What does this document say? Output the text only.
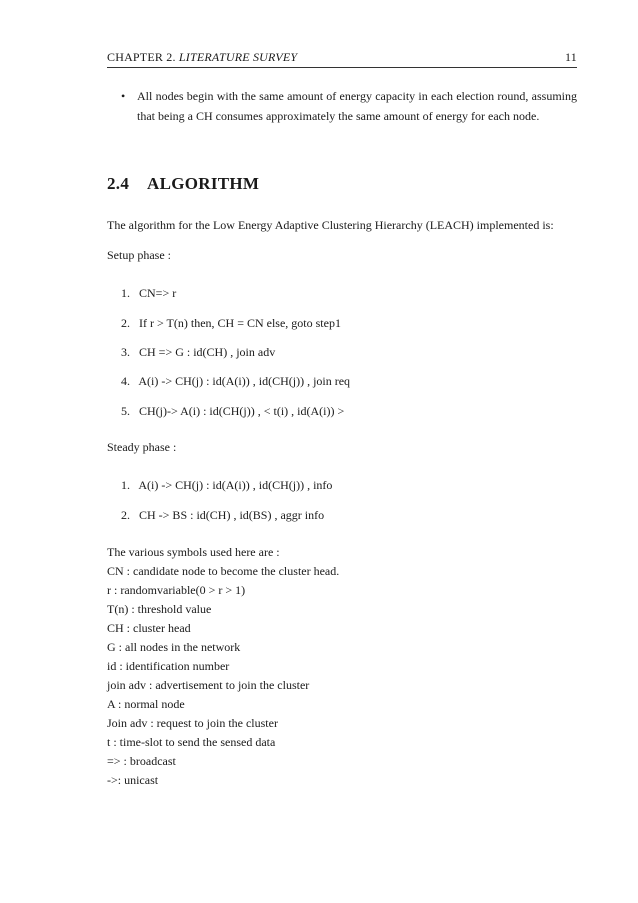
CHAPTER 2. LITERATURE SURVEY	11
• All nodes begin with the same amount of energy capacity in each election round, assuming that being a CH consumes approximately the same amount of energy for each node.
2.4 ALGORITHM
The algorithm for the Low Energy Adaptive Clustering Hierarchy (LEACH) implemented is:
Setup phase :
1. CN=> r
2. If r > T(n) then, CH = CN else, goto step1
3. CH => G : id(CH) , join adv
4. A(i) -> CH(j) : id(A(i)) , id(CH(j)) , join req
5. CH(j)-> A(i) : id(CH(j)) , < t(i) , id(A(i)) >
Steady phase :
1. A(i) -> CH(j) : id(A(i)) , id(CH(j)) , info
2. CH -> BS : id(CH) , id(BS) , aggr info
The various symbols used here are :
CN : candidate node to become the cluster head.
r : randomvariable(0 > r > 1)
T(n) : threshold value
CH : cluster head
G : all nodes in the network
id : identification number
join adv : advertisement to join the cluster
A : normal node
Join adv : request to join the cluster
t : time-slot to send the sensed data
=> : broadcast
->: unicast
